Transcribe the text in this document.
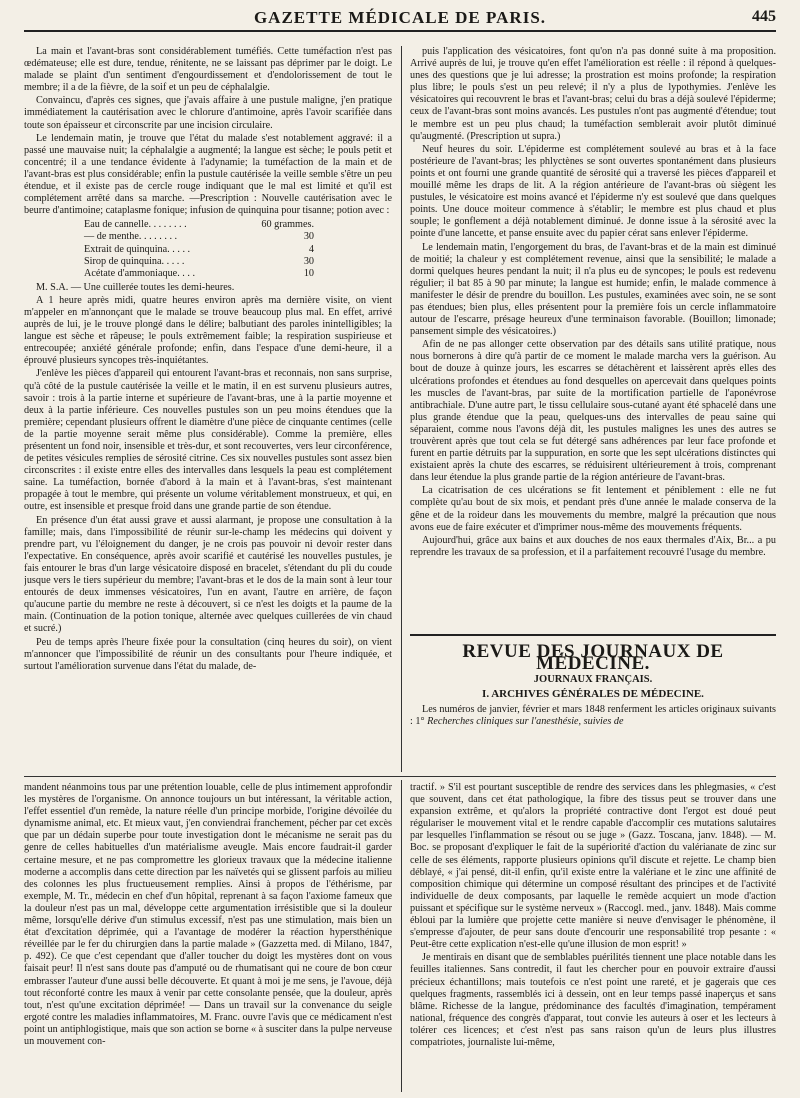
GAZETTE MÉDICALE DE PARIS.	445

La main et l'avant-bras sont considérablement tuméfiés. Cette tuméfaction n'est pas œdémateuse; elle est dure, tendue, rénitente, ne se laissant pas déprimer par le doigt. Le malade se plaint d'un sentiment d'engourdissement et d'endolorissement de tout le membre; il a de la fièvre, de la soif et un peu de céphalalgie.

Convaincu, d'après ces signes, que j'avais affaire à une pustule maligne, j'en pratique immédiatement la cautérisation avec le chlorure d'antimoine, après l'avoir scarifiée dans toute son épaisseur et circonscrite par une incision circulaire.

Le lendemain matin, je trouve que l'état du malade s'est notablement aggravé: il a passé une mauvaise nuit; la céphalalgie a augmenté; la langue est sèche; le pouls petit et concentré; il a une tendance évidente à l'adynamie; la tuméfaction de la main et de l'avant-bras est plus considérable; enfin la pustule cautérisée la veille semble s'être un peu étendue, et il existe pas de cercle rouge indiquant que le mal est limité et qu'il est complétement arrêté dans sa marche. —Prescription : Nouvelle cautérisation avec le beurre d'antimoine; cataplasme fonique; infusion de quinquina pour tisanne; potion avec :

Eau de cannelle. . . . . . . .	60 grammes.
— de menthe. . . . . . . .	30
Extrait de quinquina. . . . .	4
Sirop de quinquina. . . . .	30
Acétate d'ammoniaque. . . .	10

M. S.A. — Une cuillerée toutes les demi-heures.

A 1 heure après midi, quatre heures environ après ma dernière visite, on vient m'appeler en m'annonçant que le malade se trouve beaucoup plus mal. En effet, arrivé auprès de lui, je le trouve plongé dans le délire; balbutiant des paroles inintelligibles; la langue est sèche et râpeuse; le pouls extrêmement faible; la respiration suspirieuse et entrecoupée; anxiété générale profonde; enfin, dans l'espace d'une demi-heure, il a éprouvé plusieurs syncopes très-inquiétantes.

J'enlève les pièces d'appareil qui entourent l'avant-bras et reconnais, non sans surprise, qu'à côté de la pustule cautérisée la veille et le matin, il en est survenu plusieurs autres, savoir : trois à la partie interne et supérieure de l'avant-bras, une à la partie moyenne et deux à la partie inférieure. Ces nouvelles pustules son un peu moins étendues que la première; cependant plusieurs offrent le diamètre d'une pièce de cinquante centimes (celle de la partie moyenne serait même plus considérable). Comme la première, elles présentent un fond noir, insensible et très-dur, et sont recouvertes, vers leur circonférence, de petites vésicules remplies de sérosité citrine. Ces six nouvelles pustules sont assez bien circonscrites : il existe entre elles des intervalles dans lesquels la peau est complétement saine. La tuméfaction, bornée d'abord à la main et à l'avant-bras, s'est maintenant propagée à tout le membre, qui présente un volume véritablement monstrueux, et qui, en outre, est insensible et presque froid dans une grande partie de son étendue.

En présence d'un état aussi grave et aussi alarmant, je propose une consultation à la famille; mais, dans l'impossibilité de réunir sur-le-champ les médecins qui doivent y prendre part, vu l'éloignement du danger, je ne crois pas pouvoir ni devoir rester dans l'expectative. En conséquence, après avoir scarifié et cautérisé les nouvelles pustules, je fais entourer le bras d'un large vésicatoire disposé en bracelet, s'étendant du pli du coude jusque vers le tiers supérieur du membre; l'avant-bras et le dos de la main sont à leur tour entourés de deux immenses vésicatoires, l'un en avant, l'autre en arrière, de façon qu'aucune partie du membre ne reste à découvert, si ce n'est les doigts et la paume de la main. (Continuation de la potion tonique, alternée avec quelques cuillerées de vin chaud et sucré.)

Peu de temps après l'heure fixée pour la consultation (cinq heures du soir), on vient m'annoncer que l'impossibilité de réunir un des consultants pour l'heure indiquée, et surtout l'amélioration survenue dans l'état du malade, de-

puis l'application des vésicatoires, font qu'on n'a pas donné suite à ma proposition. Arrivé auprès de lui, je trouve qu'en effet l'amélioration est réelle : il répond à quelques-unes des questions que je lui adresse; la prostration est moins profonde; la respiration plus libre; le pouls s'est un peu relevé; il n'y a plus de lypothymies. J'enlève les vésicatoires qui recouvrent le bras et l'avant-bras; celui du bras a déjà soulevé l'épiderme; ceux de l'avant-bras sont moins avancés. Les pustules n'ont pas augmenté d'étendue; tout le membre est un peu plus chaud; la tuméfaction semblerait avoir plutôt diminué qu'augmenté. (Prescription ut supra.)

Neuf heures du soir. L'épiderme est complétement soulevé au bras et à la face postérieure de l'avant-bras; les phlyctènes se sont ouvertes spontanément dans plusieurs points et ont fourni une grande quantité de sérosité qui a traversé les pièces d'appareil et mouillé même les draps de lit. A la région antérieure de l'avant-bras où siègent les pustules, le vésicatoire est moins avancé et l'épiderme n'y est soulevé que dans quelques points. Une douce moiteur commence à s'établir; le membre est plus chaud et plus souple; le gonflement a déjà notablement diminué. Je donne issue à la sérosité avec la pointe d'une lancette, et panse ensuite avec du papier cérat sans enlever l'épiderme.

Le lendemain matin, l'engorgement du bras, de l'avant-bras et de la main est diminué de moitié; la chaleur y est complétement revenue, ainsi que la sensibilité; le malade a dormi quelques heures pendant la nuit; il n'a plus eu de syncopes; le pouls est redevenu régulier; il bat 85 à 90 par minute; la langue est humide; enfin, le malade commence à manifester le désir de prendre du bouillon. Les pustules, examinées avec soin, ne se sont pas étendues; bien plus, elles présentent pour la première fois un cercle inflammatoire autour de l'escarre, présage heureux d'une terminaison favorable. (Bouillon; limonade; pansement simple des vésicatoires.)

Afin de ne pas allonger cette observation par des détails sans utilité pratique, nous nous bornerons à dire qu'à partir de ce moment le malade marcha vers la guérison. Au bout de douze à quinze jours, les escarres se détachèrent et laissèrent après elles des ulcérations profondes et étendues au fond desquelles on apercevait dans quelques points les muscles de l'avant-bras, par suite de la mortification partielle de l'aponévrose antibrachiale. D'une autre part, le tissu cellulaire sous-cutané ayant été sphacelé dans une plus grande étendue que la peau, quelques-uns des intervalles de peau saine qui séparaient, comme nous l'avons déjà dit, les pustules malignes les unes des autres se trouvèrent après que tout cela se fut détergé sans adhérences par leur face profonde et furent en partie détruits par la suppuration, en sorte que les sept ulcérations distinctes qui existaient après la chute des escarres, se réduisirent ultérieurement à trois, comprenant dans leur étendue la plus grande partie de la région antérieure de l'avant-bras.

La cicatrisation de ces ulcérations se fit lentement et péniblement : elle ne fut complète qu'au bout de six mois, et pendant près d'une année le malade conserva de la gêne et de la roideur dans les mouvements du membre, malgré la précaution que nous avons eue de faire exécuter et d'imprimer nous-même des mouvements fréquents.

Aujourd'hui, grâce aux bains et aux douches de nos eaux thermales d'Aix, Br... a pu reprendre les travaux de sa profession, et il a parfaitement recouvré l'usage du membre.

REVUE DES JOURNAUX DE MÉDECINE.
JOURNAUX FRANÇAIS.
I. ARCHIVES GÉNÉRALES DE MÉDECINE.

Les numéros de janvier, février et mars 1848 renferment les articles originaux suivants : 1° Recherches cliniques sur l'anesthésie, suivies de

mandent néanmoins tous par une prétention louable, celle de plus intimement approfondir les mystères de l'organisme. On annonce toujours un but intéressant, la véritable action, l'effet essentiel d'un remède, la nature réelle d'un principe morbide, l'origine dévoilée du dynamisme animal, etc. Et mieux vaut, j'en conviendrai franchement, pécher par cet excès que par un dédain superbe pour toute investigation dont le mécanisme ne serait pas du genre de celles habituelles d'un matérialisme aveugle. Mais encore faudrait-il garder certaine mesure, et ne pas compromettre les glorieux travaux que la médecine italienne moderne a accomplis dans cette direction par les naïvetés qui se glissent parfois au milieu des colonnes les plus fructueusement remplies. Ainsi à propos de l'éthérisme, par exemple, M. Tr., médecin en chef d'un hôpital, reprenant à sa façon l'axiome fameux que la douleur n'est pas un mal, développe cette argumentation irrésistible que si la douleur même, lorsqu'elle dérive d'un stimulus excessif, n'est pas une stimulation, mais bien un état d'excitation déprimée, qui a l'avantage de modérer la réaction hypersthénique réveillée par le fer du chirurgien dans la partie malade » (Gazzetta med. di Milano, 1847, p. 492). Ce que c'est cependant que d'aller toucher du doigt les mystères dont on vous faisait peur! Il n'est sans doute pas d'amputé ou de rhumatisant qui ne coure de bon cœur embrasser l'auteur d'une aussi belle découverte. Et quant à moi je me sens, je l'avoue, déjà tout réconforté contre les maux à venir par cette consolante pensée, que la douleur, après tout, n'est qu'une excitation déprimée! — Dans un travail sur la convenance du seigle ergoté contre les maladies inflammatoires, M. Franc. ouvre l'avis que ce médicament n'est point un antiphlogistique, mais que son action se borne « à susciter dans la pulpe nerveuse un mouvement con-

tractif. » S'il est pourtant susceptible de rendre des services dans les phlegmasies, « c'est que souvent, dans cet état pathologique, la fibre des tissus peut se trouver dans une expansion extrême, et qu'alors la propriété contractive dont l'ergot est doué peut régulariser le mouvement vital et le rendre capable d'accomplir ces mutations salutaires par lesquelles l'inflammation se résout ou se juge » (Gazz. Toscana, janv. 1848). — M. Boc. se proposant d'expliquer le fait de la supériorité d'action du valérianate de zinc sur celle de ses éléments, rapporte plusieurs opinions qu'il discute et rejette. Le champ bien déblayé, « j'ai pensé, dit-il enfin, qu'il existe entre la valériane et le zinc une affinité de composition chimique qui détermine un composé résultant des principes et de l'activité individuelle de deux composants, par laquelle le remède acquiert un mode d'action puissant et spécifique sur le système nerveux » (Raccogl. med., janv. 1848). Mais comme ébloui par la lumière que projette cette manière si neuve d'envisager le phénomène, il s'empresse d'ajouter, de peur sans doute d'encourir une responsabilité trop pesante : « Peut-être cette explication n'est-elle qu'une illusion de mon esprit! »

Je mentirais en disant que de semblables puérilités tiennent une place notable dans les feuilles italiennes. Sans contredit, il faut les chercher pour en pouvoir extraire d'aussi précieux échantillons; mais toutefois ce n'est point une rareté, et je gagerais que ces quelques fragments, rassemblés ici à dessein, ont en leur temps passé inaperçus et sans blâme. Richesse de la langue, prédominance des facultés d'imagination, tempérament national, fréquence des congrès d'apparat, tout convie les auteurs à oser et les lecteurs à tolérer ces licences; et c'est n'est pas sans raison qu'un de leurs plus illustres compatriotes, journaliste lui-même,
